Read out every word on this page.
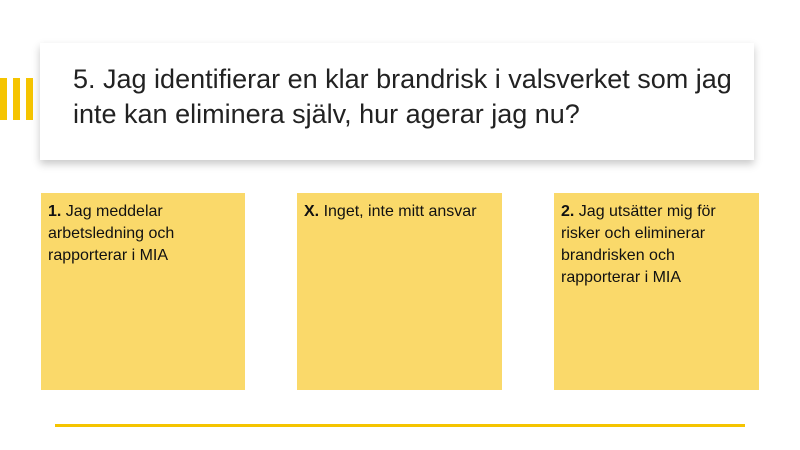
5. Jag identifierar en klar brandrisk i valsverket som jag inte kan eliminera själv, hur agerar jag nu?

1. Jag meddelar arbetsledning och rapporterar i MIA
X. Inget, inte mitt ansvar	2. Jag utsätter mig för risker och eliminerar brandrisken och rapporterar i MIA
